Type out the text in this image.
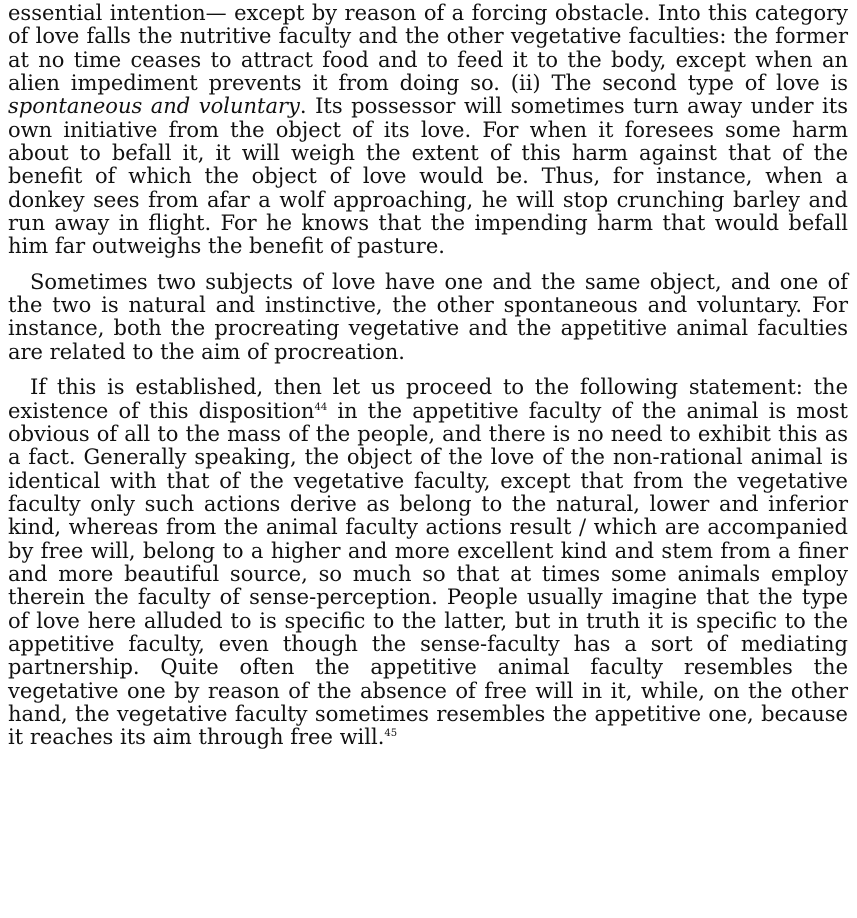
essential intention— except by reason of a forcing obstacle. Into this category of love falls the nutritive faculty and the other vegetative faculties: the former at no time ceases to attract food and to feed it to the body, except when an alien impediment prevents it from doing so. (ii) The second type of love is spontaneous and voluntary. Its possessor will sometimes turn away under its own initiative from the object of its love. For when it foresees some harm about to befall it, it will weigh the extent of this harm against that of the benefit of which the object of love would be. Thus, for instance, when a donkey sees from afar a wolf approaching, he will stop crunching barley and run away in flight. For he knows that the impending harm that would befall him far outweighs the benefit of pasture.

Sometimes two subjects of love have one and the same object, and one of the two is natural and instinctive, the other spontaneous and voluntary. For instance, both the procreating vegetative and the appetitive animal faculties are related to the aim of procreation.

If this is established, then let us proceed to the following statement: the existence of this disposition$^{44}$ in the appetitive faculty of the animal is most obvious of all to the mass of the people, and there is no need to exhibit this as a fact. Generally speaking, the object of the love of the non-rational animal is identical with that of the vegetative faculty, except that from the vegetative faculty only such actions derive as belong to the natural, lower and inferior kind, whereas from the animal faculty actions result / which are accompanied by free will, belong to a higher and more excellent kind and stem from a finer and more beautiful source, so much so that at times some animals employ therein the faculty of sense-perception. People usually imagine that the type of love here alluded to is specific to the latter, but in truth it is specific to the appetitive faculty, even though the sense-faculty has a sort of mediating partnership. Quite often the appetitive animal faculty resembles the vegetative one by reason of the absence of free will in it, while, on the other hand, the vegetative faculty sometimes resembles the appetitive one, because it reaches its aim through free will.$^{45}$
